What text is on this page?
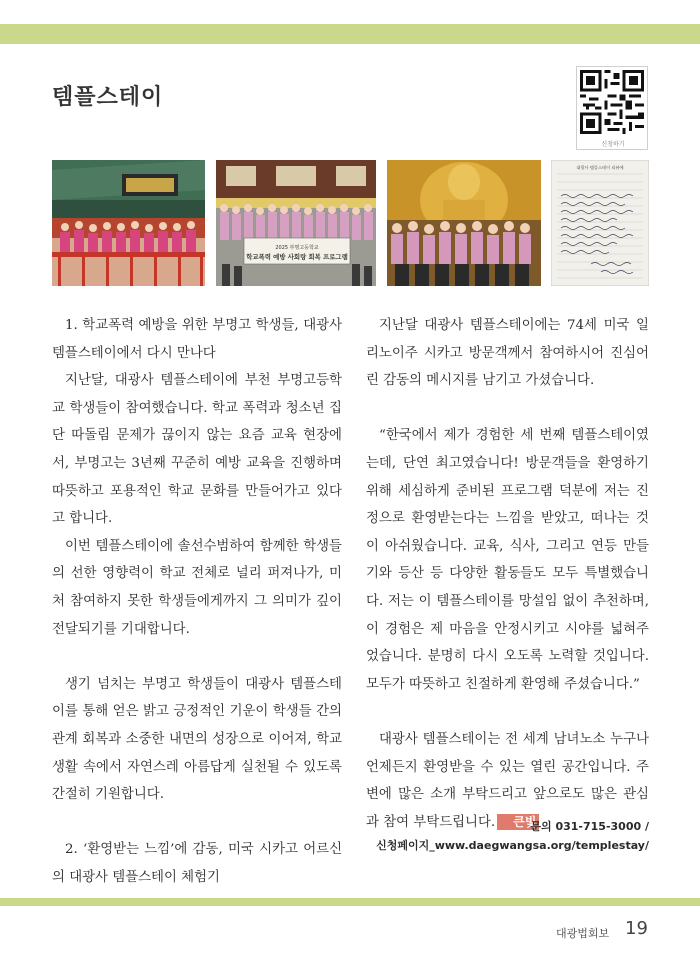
템플스테이
신청하기
2025 부명고등학교
학교폭력 예방 사회랑 회복 프로그램
대광사 템플스테이 리뷰에

1. 학교폭력 예방을 위한 부명고 학생들, 대광사 템플스테이에서 다시 만나다

지난달, 대광사 템플스테이에 부천 부명고등학교 학생들이 참여했습니다. 학교 폭력과 청소년 집단 따돌림 문제가 끊이지 않는 요즘 교육 현장에서, 부명고는 3년째 꾸준히 예방 교육을 진행하며 따뜻하고 포용적인 학교 문화를 만들어가고 있다고 합니다.

이번 템플스테이에 솔선수범하여 함께한 학생들의 선한 영향력이 학교 전체로 널리 퍼져나가, 미처 참여하지 못한 학생들에게까지 그 의미가 깊이 전달되기를 기대합니다.

생기 넘치는 부명고 학생들이 대광사 템플스테이를 통해 얻은 밝고 긍정적인 기운이 학생들 간의 관계 회복과 소중한 내면의 성장으로 이어져, 학교생활 속에서 자연스레 아름답게 실천될 수 있도록 간절히 기원합니다.

2. ‘환영받는 느낌’에 감동, 미국 시카고 어르신의 대광사 템플스테이 체험기

지난달 대광사 템플스테이에는 74세 미국 일리노이주 시카고 방문객께서 참여하시어 진심어린 감동의 메시지를 남기고 가셨습니다.

“한국에서 제가 경험한 세 번째 템플스테이였는데, 단연 최고였습니다! 방문객들을 환영하기 위해 세심하게 준비된 프로그램 덕분에 저는 진정으로 환영받는다는 느낌을 받았고, 떠나는 것이 아쉬웠습니다. 교육, 식사, 그리고 연등 만들기와 등산 등 다양한 활동들도 모두 특별했습니다. 저는 이 템플스테이를 망설임 없이 추천하며, 이 경험은 제 마음을 안정시키고 시야를 넓혀주었습니다. 분명히 다시 오도록 노력할 것입니다. 모두가 따뜻하고 친절하게 환영해 주셨습니다.”

대광사 템플스테이는 전 세계 남녀노소 누구나 언제든지 환영받을 수 있는 열린 공간입니다. 주변에 많은 소개 부탁드리고 앞으로도 많은 관심과 참여 부탁드립니다. 큰빛

문의 031-715-3000 /
신청페이지_www.daegwangsa.org/templestay/
대광법회보 19
